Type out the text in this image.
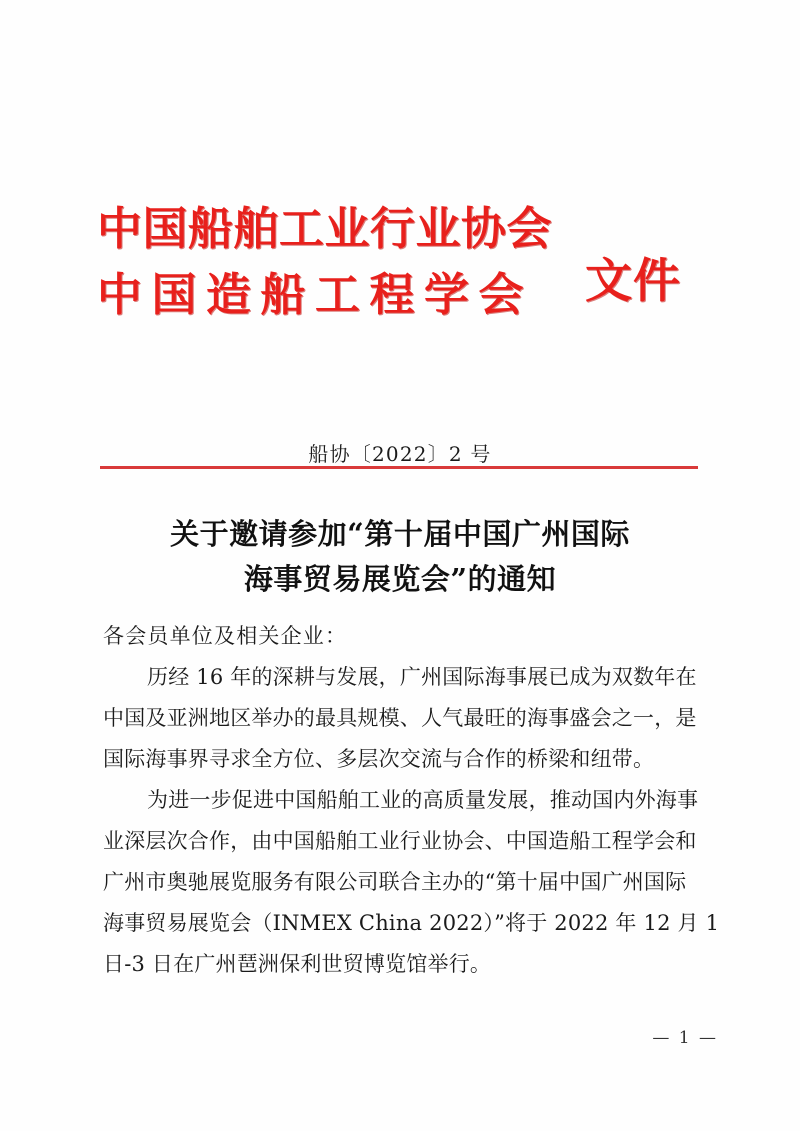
中国船舶工业行业协会
中国造船工程学会	文件
船协〔2022〕2 号
关于邀请参加“第十届中国广州国际
海事贸易展览会”的通知
各会员单位及相关企业：

历经 16 年的深耕与发展，广州国际海事展已成为双数年在
中国及亚洲地区举办的最具规模、人气最旺的海事盛会之一，是
国际海事界寻求全方位、多层次交流与合作的桥梁和纽带。

为进一步促进中国船舶工业的高质量发展，推动国内外海事
业深层次合作，由中国船舶工业行业协会、中国造船工程学会和
广州市奥驰展览服务有限公司联合主办的“第十届中国广州国际
海事贸易展览会（INMEX China 2022）”将于 2022 年 12 月 1
日-3 日在广州琶洲保利世贸博览馆举行。

— 1 —
